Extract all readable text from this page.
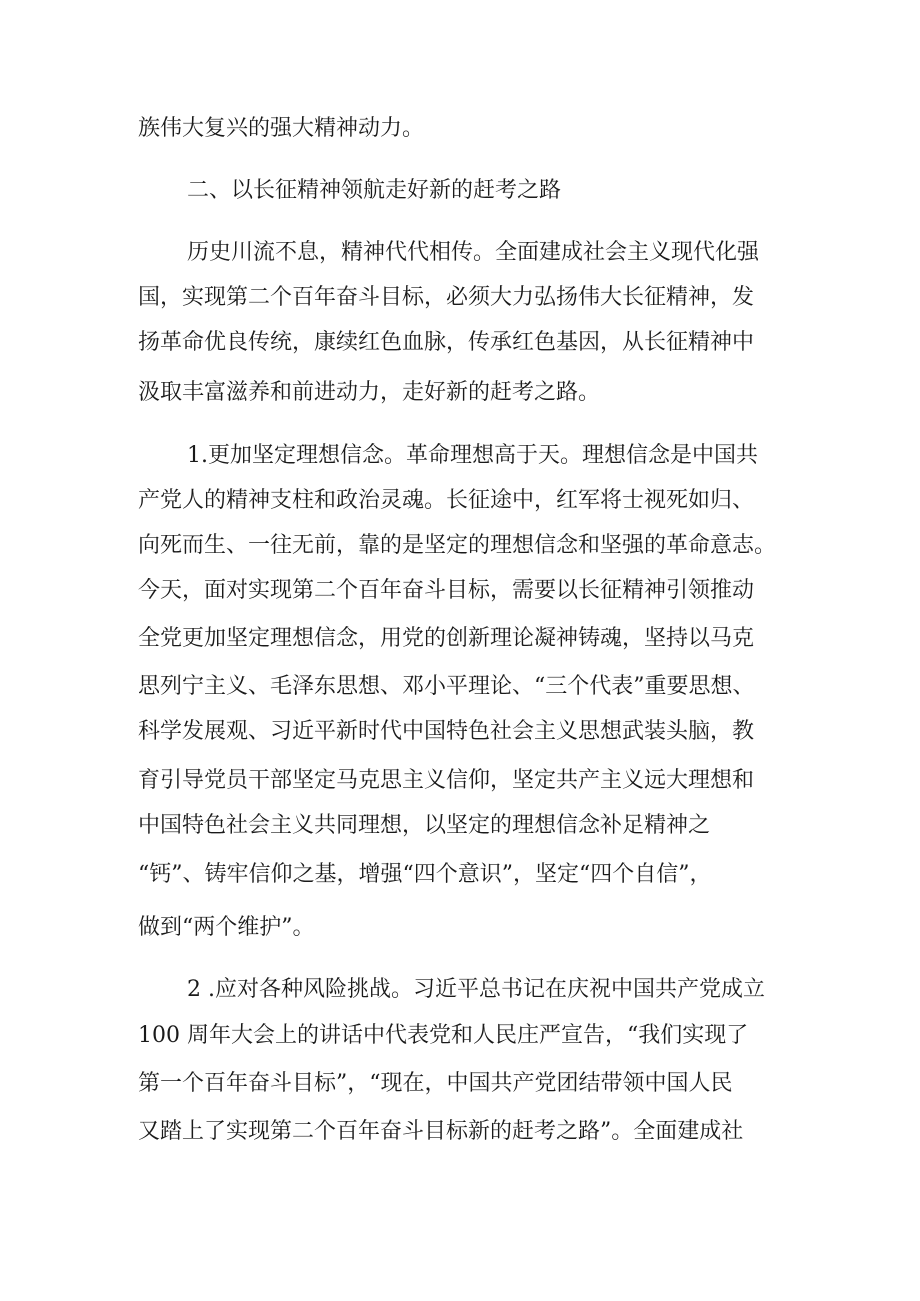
族伟大复兴的强大精神动力。
二、以长征精神领航走好新的赶考之路
历史川流不息，精神代代相传。全面建成社会主义现代化强
国，实现第二个百年奋斗目标，必须大力弘扬伟大长征精神，发
扬革命优良传统，康续红色血脉，传承红色基因，从长征精神中
汲取丰富滋养和前进动力，走好新的赶考之路。
1.更加坚定理想信念。革命理想高于天。理想信念是中国共
产党人的精神支柱和政治灵魂。长征途中，红军将士视死如归、
向死而生、一往无前，靠的是坚定的理想信念和坚强的革命意志。
今天，面对实现第二个百年奋斗目标，需要以长征精神引领推动
全党更加坚定理想信念，用党的创新理论凝神铸魂，坚持以马克
思列宁主义、毛泽东思想、邓小平理论、“三个代表”重要思想、
科学发展观、习近平新时代中国特色社会主义思想武装头脑，教
育引导党员干部坚定马克思主义信仰，坚定共产主义远大理想和
中国特色社会主义共同理想，以坚定的理想信念补足精神之
“钙”、铸牢信仰之基，增强“四个意识”，坚定“四个自信”，
做到“两个维护”。
2 .应对各种风险挑战。习近平总书记在庆祝中国共产党成立
100 周年大会上的讲话中代表党和人民庄严宣告，“我们实现了
第一个百年奋斗目标”，“现在，中国共产党团结带领中国人民
又踏上了实现第二个百年奋斗目标新的赶考之路”。全面建成社
